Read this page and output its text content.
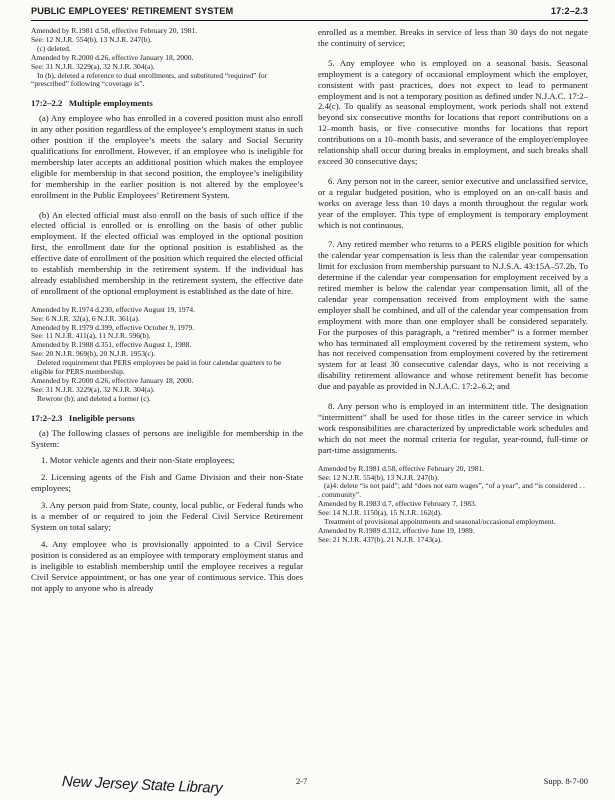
PUBLIC EMPLOYEES' RETIREMENT SYSTEM	17:2–2.3
Amended by R.1981 d.58, effective February 20, 1981.
See: 12 N.J.R. 554(b), 13 N.J.R. 247(b).
(c) deleted.
Amended by R.2000 d.26, effective January 18, 2000.
See: 31 N.J.R. 3229(a), 32 N.J.R. 304(a).
In (b), deleted a reference to dual enrollments, and substituted “required” for “prescribed” following “coverage is”.
17:2–2.2 Multiple employments
(a) Any employee who has enrolled in a covered position must also enroll in any other position regardless of the employee’s employment status in such other position if the employee’s meets the salary and Social Security qualifications for enrollment. However, if an employee who is ineligible for membership later accepts an additional position which makes the employee eligible for membership in that second position, the employee’s ineligibility for membership in the earlier position is not altered by the employee’s enrollment in the Public Employees’ Retirement System.
(b) An elected official must also enroll on the basis of such office if the elected official is enrolled or is enrolling on the basis of other public employment. If the elected official was employed in the optional position first, the enrollment date for the optional position is established as the effective date of enrollment of the position which required the elected official to establish membership in the retirement system. If the individual has already established membership in the retirement system, the effective date of enrollment of the optional employment is established as the date of hire.
Amended by R.1974 d.230, effective August 19, 1974.
See: 6 N.J.R. 32(a), 6 N.J.R. 361(a).
Amended by R.1979 d.399, effective October 9, 1979.
See: 11 N.J.R. 411(a), 11 N.J.R. 596(b).
Amended by R.1988 d.351, effective August 1, 1988.
See: 20 N.J.R. 969(b), 20 N.J.R. 1953(c).
Deleted requirement that PERS employees be paid in four calendar quarters to be eligible for PERS membership.
Amended by R.2000 d.26, effective January 18, 2000.
See: 31 N.J.R. 3229(a), 32 N.J.R. 304(a).
Rewrote (b); and deleted a former (c).
17:2–2.3 Ineligible persons
(a) The following classes of persons are ineligible for membership in the System:
1. Motor vehicle agents and their non-State employees;
2. Licensing agents of the Fish and Game Division and their non-State employees;
3. Any person paid from State, county, local public, or Federal funds who is a member of or required to join the Federal Civil Service Retirement System on total salary;
4. Any employee who is provisionally appointed to a Civil Service position is considered as an employee with temporary employment status and is ineligible to establish membership until the employee receives a regular Civil Service appointment, or has one year of continuous service. This does not apply to anyone who is already
enrolled as a member. Breaks in service of less than 30 days do not negate the continuity of service;
5. Any employee who is employed on a seasonal basis. Seasonal employment is a category of occasional employment which the employer, consistent with past practices, does not expect to lead to permanent employment and is not a temporary position as defined under N.J.A.C. 17:2–2.4(c). To qualify as seasonal employment, work periods shall not extend beyond six consecutive months for locations that report contributions on a 12–month basis, or five consecutive months for locations that report contributions on a 10–month basis, and severance of the employer/employee relationship shall occur during breaks in employment, and such breaks shall exceed 30 consecutive days;
6. Any person not in the career, senior executive and unclassified service, or a regular budgeted position, who is employed on an on-call basis and works on average less than 10 days a month throughout the regular work year of the employer. This type of employment is temporary employment which is not continuous.
7. Any retired member who returns to a PERS eligible position for which the calendar year compensation is less than the calendar year compensation limit for exclusion from membership pursuant to N.J.S.A. 43:15A–57.2b. To determine if the calendar year compensation for employment received by a retired member is below the calendar year compensation limit, all of the calendar year compensation received from employment with the same employer shall be combined, and all of the calendar year compensation from employment with more than one employer shall be considered separately. For the purposes of this paragraph, a “retired member” is a former member who has terminated all employment covered by the retirement system, who has not received compensation from employment covered by the retirement system for at least 30 consecutive calendar days, who is not receiving a disability retirement allowance and whose retirement benefit has become due and payable as provided in N.J.A.C. 17:2–6.2; and
8. Any person who is employed in an intermittent title. The designation “intermittent” shall be used for those titles in the career service in which work responsibilities are characterized by unpredictable work schedules and which do not meet the normal criteria for regular, year-round, full-time or part-time assignments.
Amended by R.1981 d.58, effective February 20, 1981.
See: 12 N.J.R. 554(b), 13 N.J.R. 247(b).
(a)4: delete “is not paid”; add “does not earn wages”, “of a year”, and “is considered . . . community”.
Amended by R.1983 d.7, effective February 7, 1983.
See: 14 N.J.R. 1150(a), 15 N.J.R. 162(d).
Treatment of provisional appointments and seasonal/occasional employment.
Amended by R.1989 d.312, effective June 19, 1989.
See: 21 N.J.R. 437(b), 21 N.J.R. 1743(a).
New Jersey State Library	2-7	Supp. 8-7-00
